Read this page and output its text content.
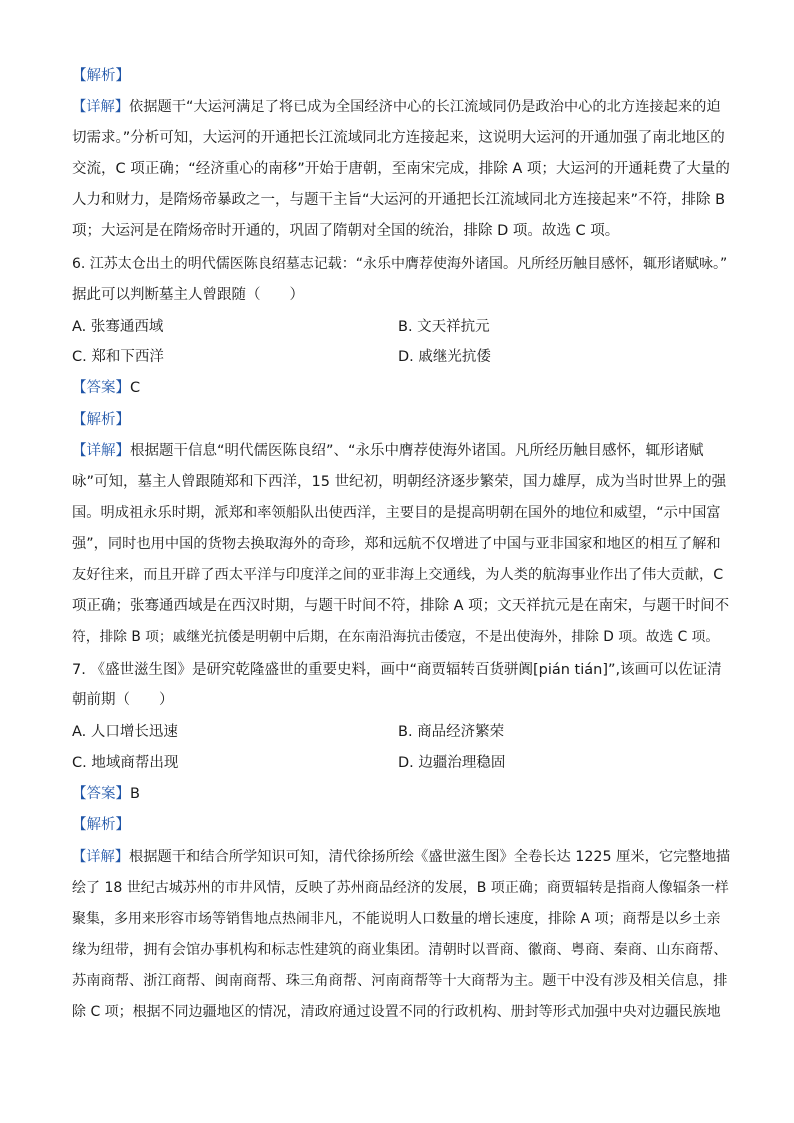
【解析】
【详解】依据题干“大运河满足了将已成为全国经济中心的长江流域同仍是政治中心的北方连接起来的迫
切需求。”分析可知，大运河的开通把长江流域同北方连接起来，这说明大运河的开通加强了南北地区的
交流，C 项正确；“经济重心的南移”开始于唐朝，至南宋完成，排除 A 项；大运河的开通耗费了大量的
人力和财力，是隋炀帝暴政之一，与题干主旨“大运河的开通把长江流域同北方连接起来”不符，排除 B
项；大运河是在隋炀帝时开通的，巩固了隋朝对全国的统治，排除 D 项。故选 C 项。
6. 江苏太仓出土的明代儒医陈良绍墓志记载：“永乐中膺荐使海外诸国。凡所经历触目感怀，辄形诸赋咏。”
据此可以判断墓主人曾跟随（　　）
A. 张骞通西域	B. 文天祥抗元
C. 郑和下西洋	D. 戚继光抗倭
【答案】C
【解析】
【详解】根据题干信息“明代儒医陈良绍”、“永乐中膺荐使海外诸国。凡所经历触目感怀，辄形诸赋
咏”可知，墓主人曾跟随郑和下西洋，15 世纪初，明朝经济逐步繁荣，国力雄厚，成为当时世界上的强
国。明成祖永乐时期，派郑和率领船队出使西洋，主要目的是提高明朝在国外的地位和威望，“示中国富
强”，同时也用中国的货物去换取海外的奇珍，郑和远航不仅增进了中国与亚非国家和地区的相互了解和
友好往来，而且开辟了西太平洋与印度洋之间的亚非海上交通线，为人类的航海事业作出了伟大贡献，C
项正确；张骞通西域是在西汉时期，与题干时间不符，排除 A 项；文天祥抗元是在南宋，与题干时间不
符，排除 B 项；戚继光抗倭是明朝中后期，在东南沿海抗击倭寇，不是出使海外，排除 D 项。故选 C 项。
7. 《盛世滋生图》是研究乾隆盛世的重要史料，画中“商贾辐转百货骈阗[pián tián]”,该画可以佐证清
朝前期（　　）
A. 人口增长迅速	B. 商品经济繁荣
C. 地域商帮出现	D. 边疆治理稳固
【答案】B
【解析】
【详解】根据题干和结合所学知识可知，清代徐扬所绘《盛世滋生图》全卷长达 1225 厘米，它完整地描
绘了 18 世纪古城苏州的市井风情，反映了苏州商品经济的发展，B 项正确；商贾辐转是指商人像辐条一样
聚集，多用来形容市场等销售地点热闹非凡，不能说明人口数量的增长速度，排除 A 项；商帮是以乡土亲
缘为纽带，拥有会馆办事机构和标志性建筑的商业集团。清朝时以晋商、徽商、粤商、秦商、山东商帮、
苏南商帮、浙江商帮、闽南商帮、珠三角商帮、河南商帮等十大商帮为主。题干中没有涉及相关信息，排
除 C 项；根据不同边疆地区的情况，清政府通过设置不同的行政机构、册封等形式加强中央对边疆民族地
